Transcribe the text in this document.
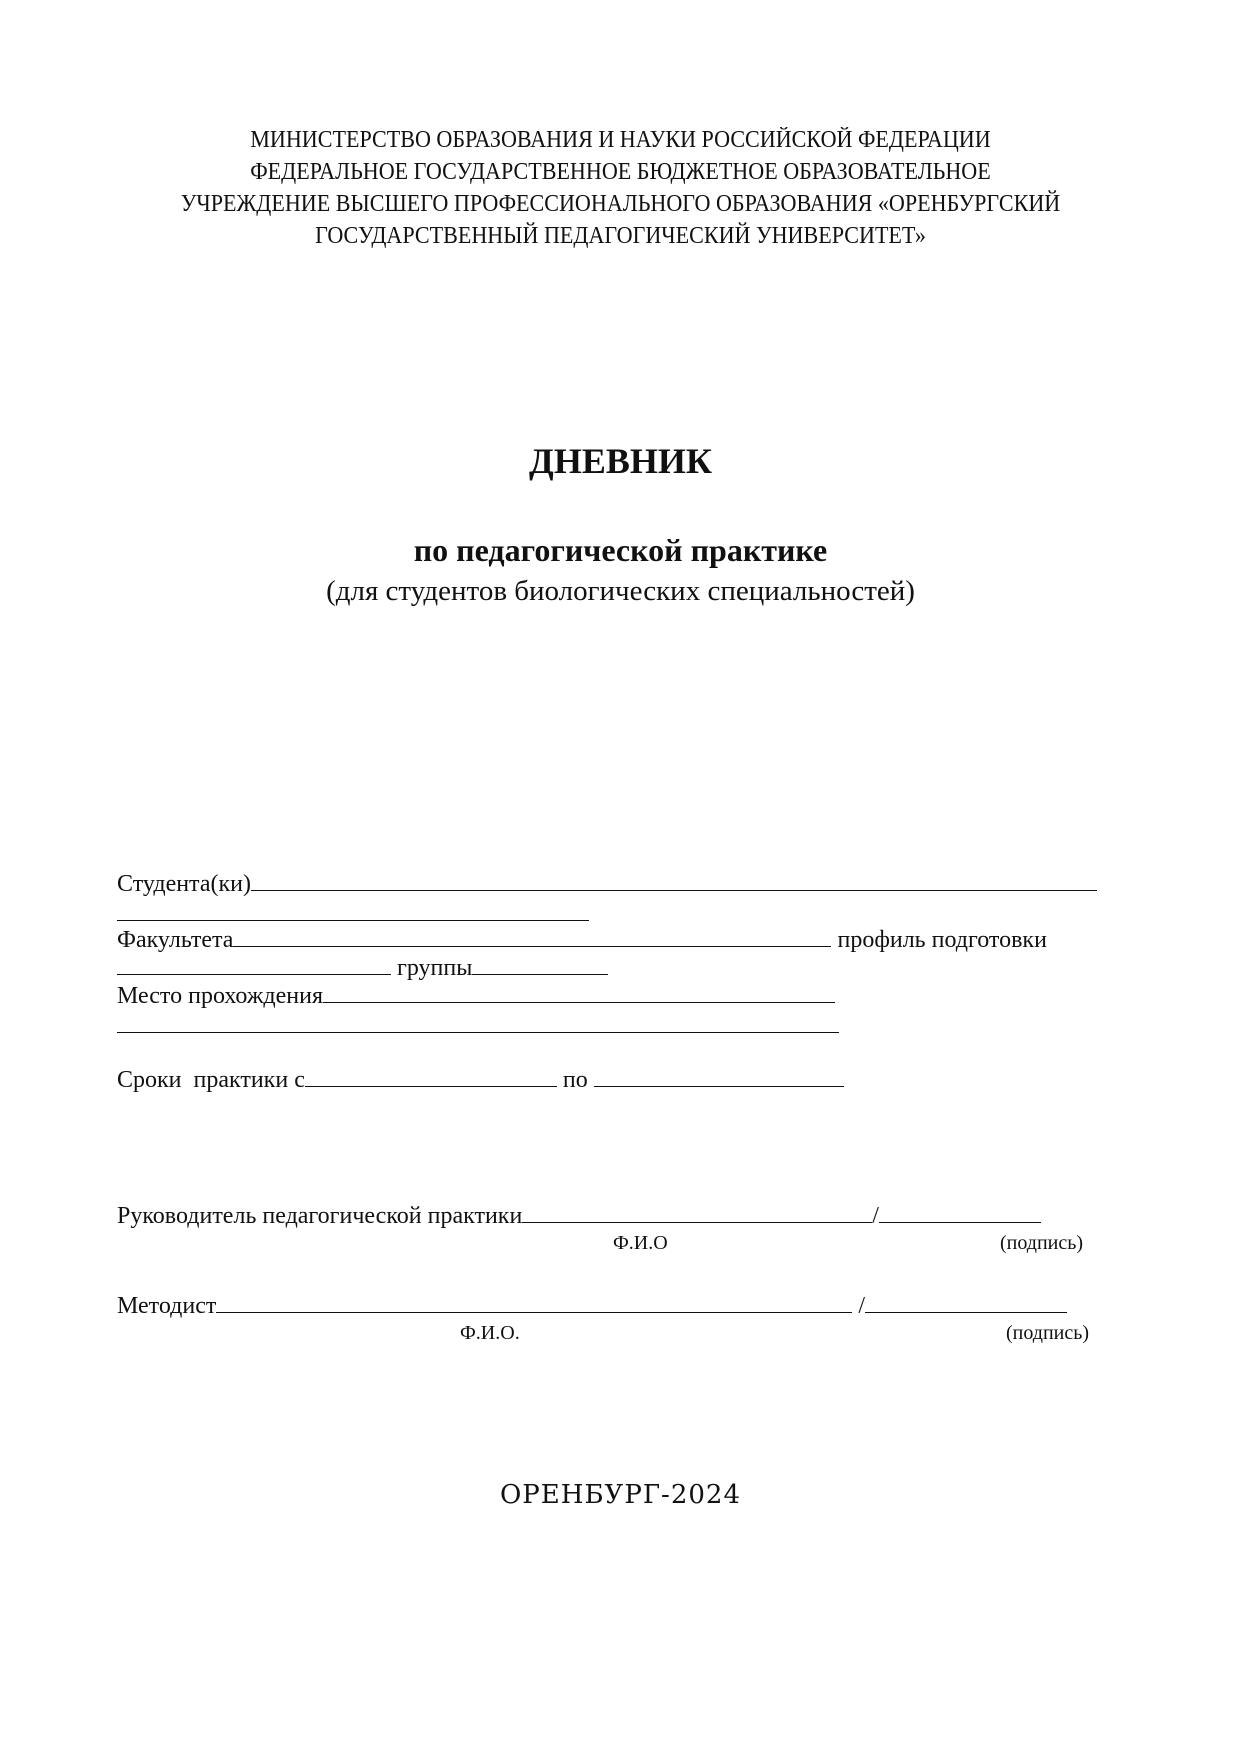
МИНИСТЕРСТВО ОБРАЗОВАНИЯ И НАУКИ РОССИЙСКОЙ ФЕДЕРАЦИИ
ФЕДЕРАЛЬНОЕ ГОСУДАРСТВЕННОЕ БЮДЖЕТНОЕ ОБРАЗОВАТЕЛЬНОЕ
УЧРЕЖДЕНИЕ ВЫСШЕГО ПРОФЕССИОНАЛЬНОГО ОБРАЗОВАНИЯ «ОРЕНБУРГСКИЙ
ГОСУДАРСТВЕННЫЙ ПЕДАГОГИЧЕСКИЙ УНИВЕРСИТЕТ»
ДНЕВНИК
по педагогической практике
(для студентов биологических специальностей)
Студента(ки)
Факультета	профиль подготовки
группы
Место прохождения
Сроки  практики с	по
Руководитель педагогической практики	/
Ф.И.О	(подпись)
Методист	/
Ф.И.О.	(подпись)
ОРЕНБУРГ-2024
